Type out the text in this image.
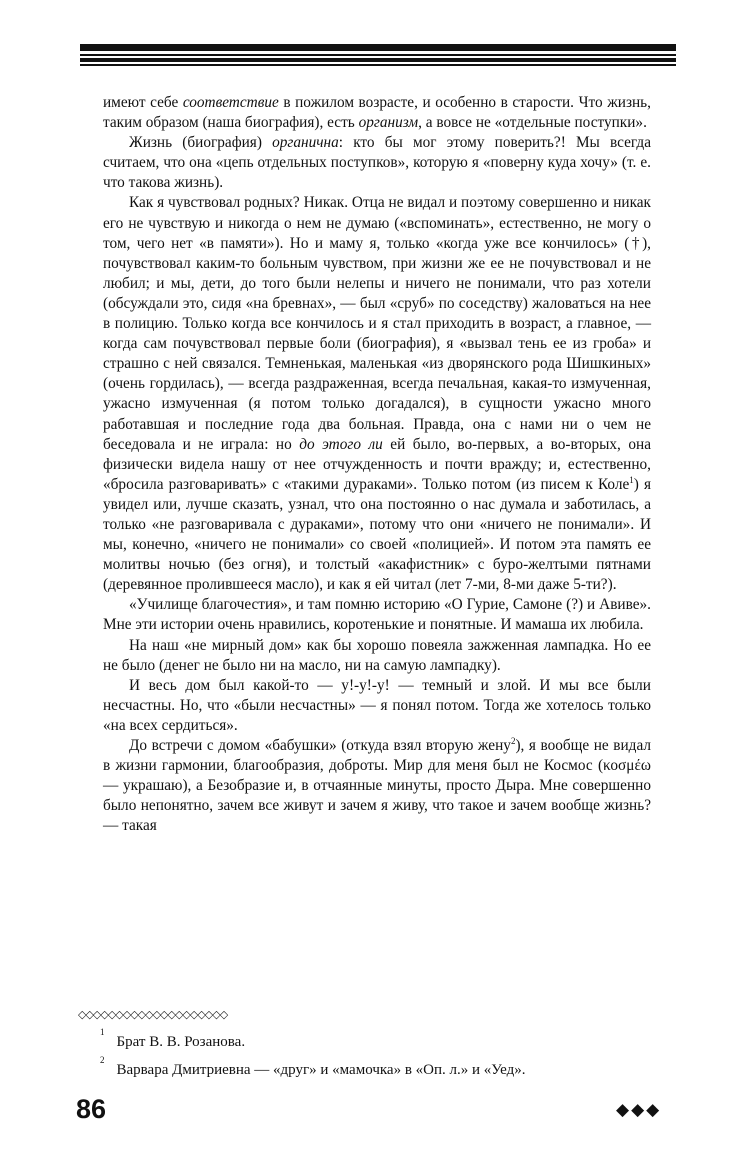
имеют себе соответствие в пожилом возрасте, и особенно в старости. Что жизнь, таким образом (наша биография), есть организм, а вовсе не «отдельные поступки».

Жизнь (биография) органична: кто бы мог этому поверить?! Мы всегда считаем, что она «цепь отдельных поступков», которую я «поверну куда хочу» (т. е. что такова жизнь).

Как я чувствовал родных? Никак. Отца не видал и поэтому совершенно и никак его не чувствую и никогда о нем не думаю («вспоминать», естественно, не могу о том, чего нет «в памяти»). Но и маму я, только «когда уже все кончилось» (†), почувствовал каким-то больным чувством, при жизни же ее не почувствовал и не любил; и мы, дети, до того были нелепы и ничего не понимали, что раз хотели (обсуждали это, сидя «на бревнах», — был «сруб» по соседству) жаловаться на нее в полицию. Только когда все кончилось и я стал приходить в возраст, а главное, — когда сам почувствовал первые боли (биография), я «вызвал тень ее из гроба» и страшно с ней связался. Темненькая, маленькая «из дворянского рода Шишкиных» (очень гордилась), — всегда раздраженная, всегда печальная, какая-то измученная, ужасно измученная (я потом только догадался), в сущности ужасно много работавшая и последние года два больная. Правда, она с нами ни о чем не беседовала и не играла: но до этого ли ей было, во-первых, а во-вторых, она физически видела нашу от нее отчужденность и почти вражду; и, естественно, «бросила разговаривать» с «такими дураками». Только потом (из писем к Коле$^1$) я увидел или, лучше сказать, узнал, что она постоянно о нас думала и заботилась, а только «не разговаривала с дураками», потому что они «ничего не понимали». И мы, конечно, «ничего не понимали» со своей «полицией». И потом эта память ее молитвы ночью (без огня), и толстый «акафистник» с буро-желтыми пятнами (деревянное пролившееся масло), и как я ей читал (лет 7-ми, 8-ми даже 5-ти?).

«Училище благочестия», и там помню историю «О Гурие, Самоне (?) и Авиве». Мне эти истории очень нравились, коротенькие и понятные. И мамаша их любила.

На наш «не мирный дом» как бы хорошо повеяла зажженная лампадка. Но ее не было (денег не было ни на масло, ни на самую лампадку).

И весь дом был какой-то — у!-у!-у! — темный и злой. И мы все были несчастны. Но, что «были несчастны» — я понял потом. Тогда же хотелось только «на всех сердиться».

До встречи с домом «бабушки» (откуда взял вторую жену$^2$), я вообще не видал в жизни гармонии, благообразия, доброты. Мир для меня был не Космос (κοσμέω — украшаю), а Безобразие и, в отчаянные минуты, просто Дыра. Мне совершенно было непонятно, зачем все живут и зачем я живу, что такое и зачем вообще жизнь? — такая

◇◇◇◇◇◇◇◇◇◇◇◇◇◇◇◇◇◇◇◇
1
Брат В. В. Розанова.
2
Варвара Дмитриевна — «друг» и «мамочка» в «Оп. л.» и «Уед».
86	◆◆◆
